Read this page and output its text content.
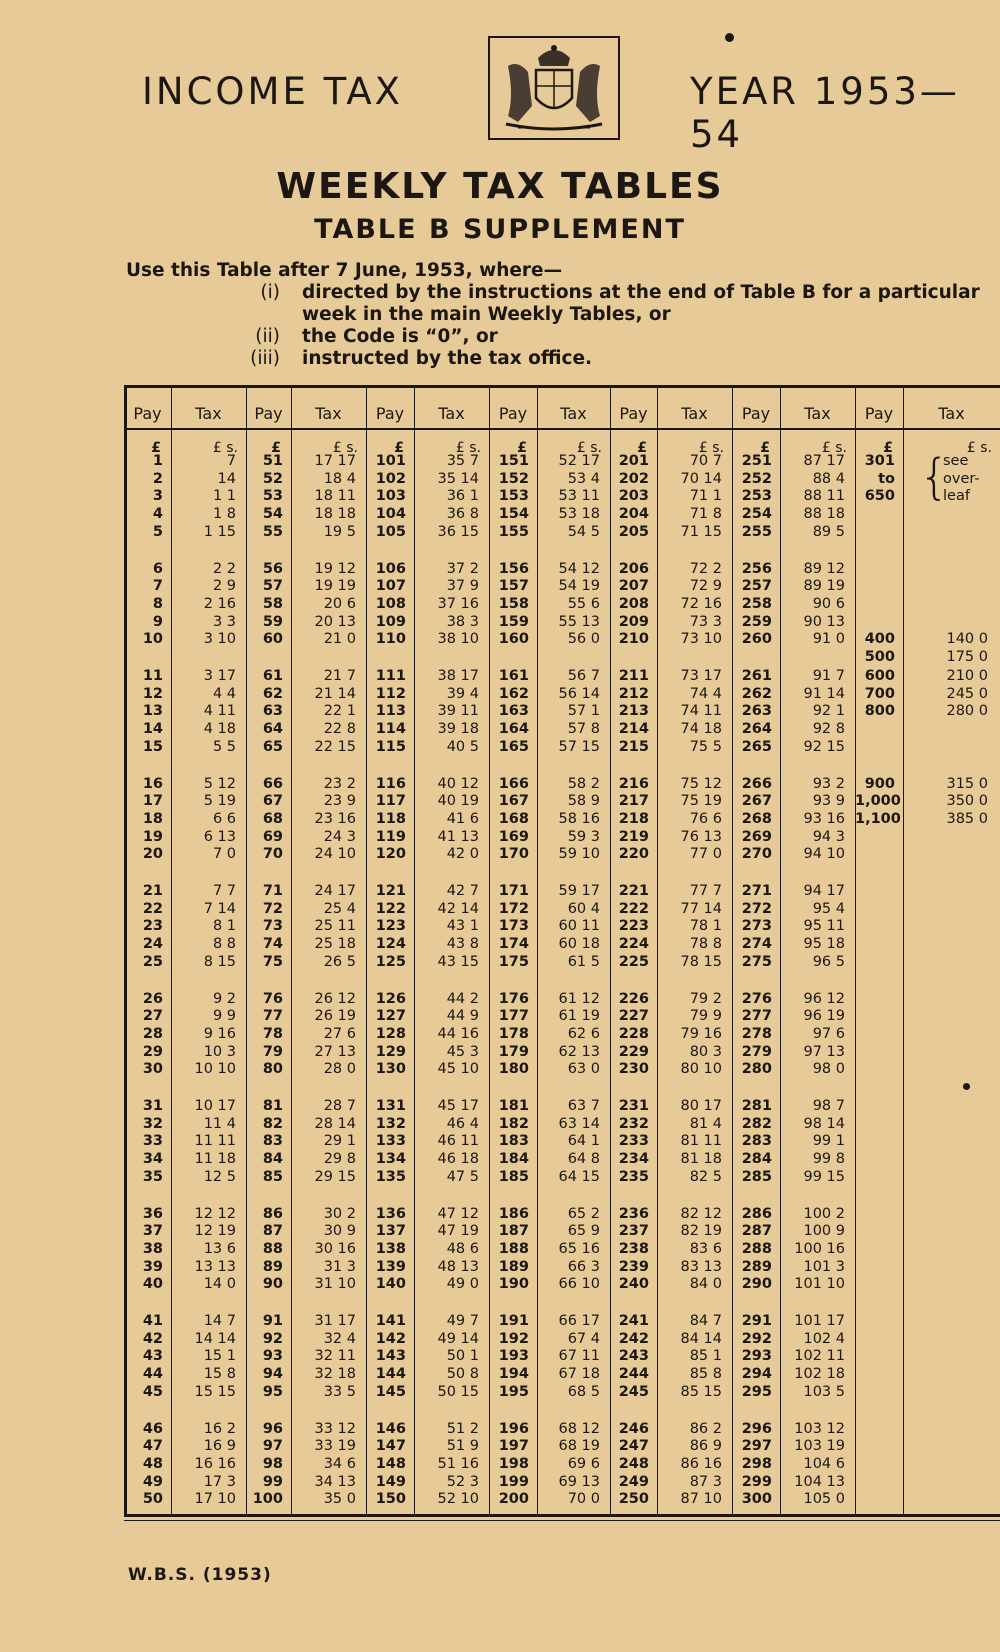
INCOME TAX	YEAR 1953—54
WEEKLY TAX TABLES
TABLE B SUPPLEMENT
Use this Table after 7 June, 1953, where—
(i) directed by the instructions at the end of Table B for a particular
week in the main Weekly Tables, or
(ii) the Code is “0”, or
(iii) instructed by the tax office.
Pay	Tax
£	£ s.
1	7
2	14
3	1 1
4	1 8
5	1 15
6	2 2
7	2 9
8	2 16
9	3 3
10	3 10
11	3 17
12	4 4
13	4 11
14	4 18
15	5 5
16	5 12
17	5 19
18	6 6
19	6 13
20	7 0
21	7 7
22	7 14
23	8 1
24	8 8
25	8 15
26	9 2
27	9 9
28	9 16
29	10 3
30	10 10
31	10 17
32	11 4
33	11 11
34	11 18
35	12 5
36	12 12
37	12 19
38	13 6
39	13 13
40	14 0
41	14 7
42	14 14
43	15 1
44	15 8
45	15 15
46	16 2
47	16 9
48	16 16
49	17 3
50	17 10
Pay	Tax
£	£ s.
51	17 17
52	18 4
53	18 11
54	18 18
55	19 5
56	19 12
57	19 19
58	20 6
59	20 13
60	21 0
61	21 7
62	21 14
63	22 1
64	22 8
65	22 15
66	23 2
67	23 9
68	23 16
69	24 3
70	24 10
71	24 17
72	25 4
73	25 11
74	25 18
75	26 5
76	26 12
77	26 19
78	27 6
79	27 13
80	28 0
81	28 7
82	28 14
83	29 1
84	29 8
85	29 15
86	30 2
87	30 9
88	30 16
89	31 3
90	31 10
91	31 17
92	32 4
93	32 11
94	32 18
95	33 5
96	33 12
97	33 19
98	34 6
99	34 13
100	35 0
Pay	Tax
£	£ s.
101	35 7
102	35 14
103	36 1
104	36 8
105	36 15
106	37 2
107	37 9
108	37 16
109	38 3
110	38 10
111	38 17
112	39 4
113	39 11
114	39 18
115	40 5
116	40 12
117	40 19
118	41 6
119	41 13
120	42 0
121	42 7
122	42 14
123	43 1
124	43 8
125	43 15
126	44 2
127	44 9
128	44 16
129	45 3
130	45 10
131	45 17
132	46 4
133	46 11
134	46 18
135	47 5
136	47 12
137	47 19
138	48 6
139	48 13
140	49 0
141	49 7
142	49 14
143	50 1
144	50 8
145	50 15
146	51 2
147	51 9
148	51 16
149	52 3
150	52 10
Pay	Tax
£	£ s.
151	52 17
152	53 4
153	53 11
154	53 18
155	54 5
156	54 12
157	54 19
158	55 6
159	55 13
160	56 0
161	56 7
162	56 14
163	57 1
164	57 8
165	57 15
166	58 2
167	58 9
168	58 16
169	59 3
170	59 10
171	59 17
172	60 4
173	60 11
174	60 18
175	61 5
176	61 12
177	61 19
178	62 6
179	62 13
180	63 0
181	63 7
182	63 14
183	64 1
184	64 8
185	64 15
186	65 2
187	65 9
188	65 16
189	66 3
190	66 10
191	66 17
192	67 4
193	67 11
194	67 18
195	68 5
196	68 12
197	68 19
198	69 6
199	69 13
200	70 0
Pay	Tax
£	£ s.
201	70 7
202	70 14
203	71 1
204	71 8
205	71 15
206	72 2
207	72 9
208	72 16
209	73 3
210	73 10
211	73 17
212	74 4
213	74 11
214	74 18
215	75 5
216	75 12
217	75 19
218	76 6
219	76 13
220	77 0
221	77 7
222	77 14
223	78 1
224	78 8
225	78 15
226	79 2
227	79 9
228	79 16
229	80 3
230	80 10
231	80 17
232	81 4
233	81 11
234	81 18
235	82 5
236	82 12
237	82 19
238	83 6
239	83 13
240	84 0
241	84 7
242	84 14
243	85 1
244	85 8
245	85 15
246	86 2
247	86 9
248	86 16
249	87 3
250	87 10
Pay	Tax
£	£ s.
251	87 17
252	88 4
253	88 11
254	88 18
255	89 5
256	89 12
257	89 19
258	90 6
259	90 13
260	91 0
261	91 7
262	91 14
263	92 1
264	92 8
265	92 15
266	93 2
267	93 9
268	93 16
269	94 3
270	94 10
271	94 17
272	95 4
273	95 11
274	95 18
275	96 5
276	96 12
277	96 19
278	97 6
279	97 13
280	98 0
281	98 7
282	98 14
283	99 1
284	99 8
285	99 15
286	100 2
287	100 9
288	100 16
289	101 3
290	101 10
291	101 17
292	102 4
293	102 11
294	102 18
295	103 5
296	103 12
297	103 19
298	104 6
299	104 13
300	105 0
Pay	Tax
£	£ s.
301	see
to	over-
650	leaf
{
400	140 0
500	175 0
600	210 0
700	245 0
800	280 0
900	315 0
1,000	350 0
1,100	385 0
W.B.S. (1953)
